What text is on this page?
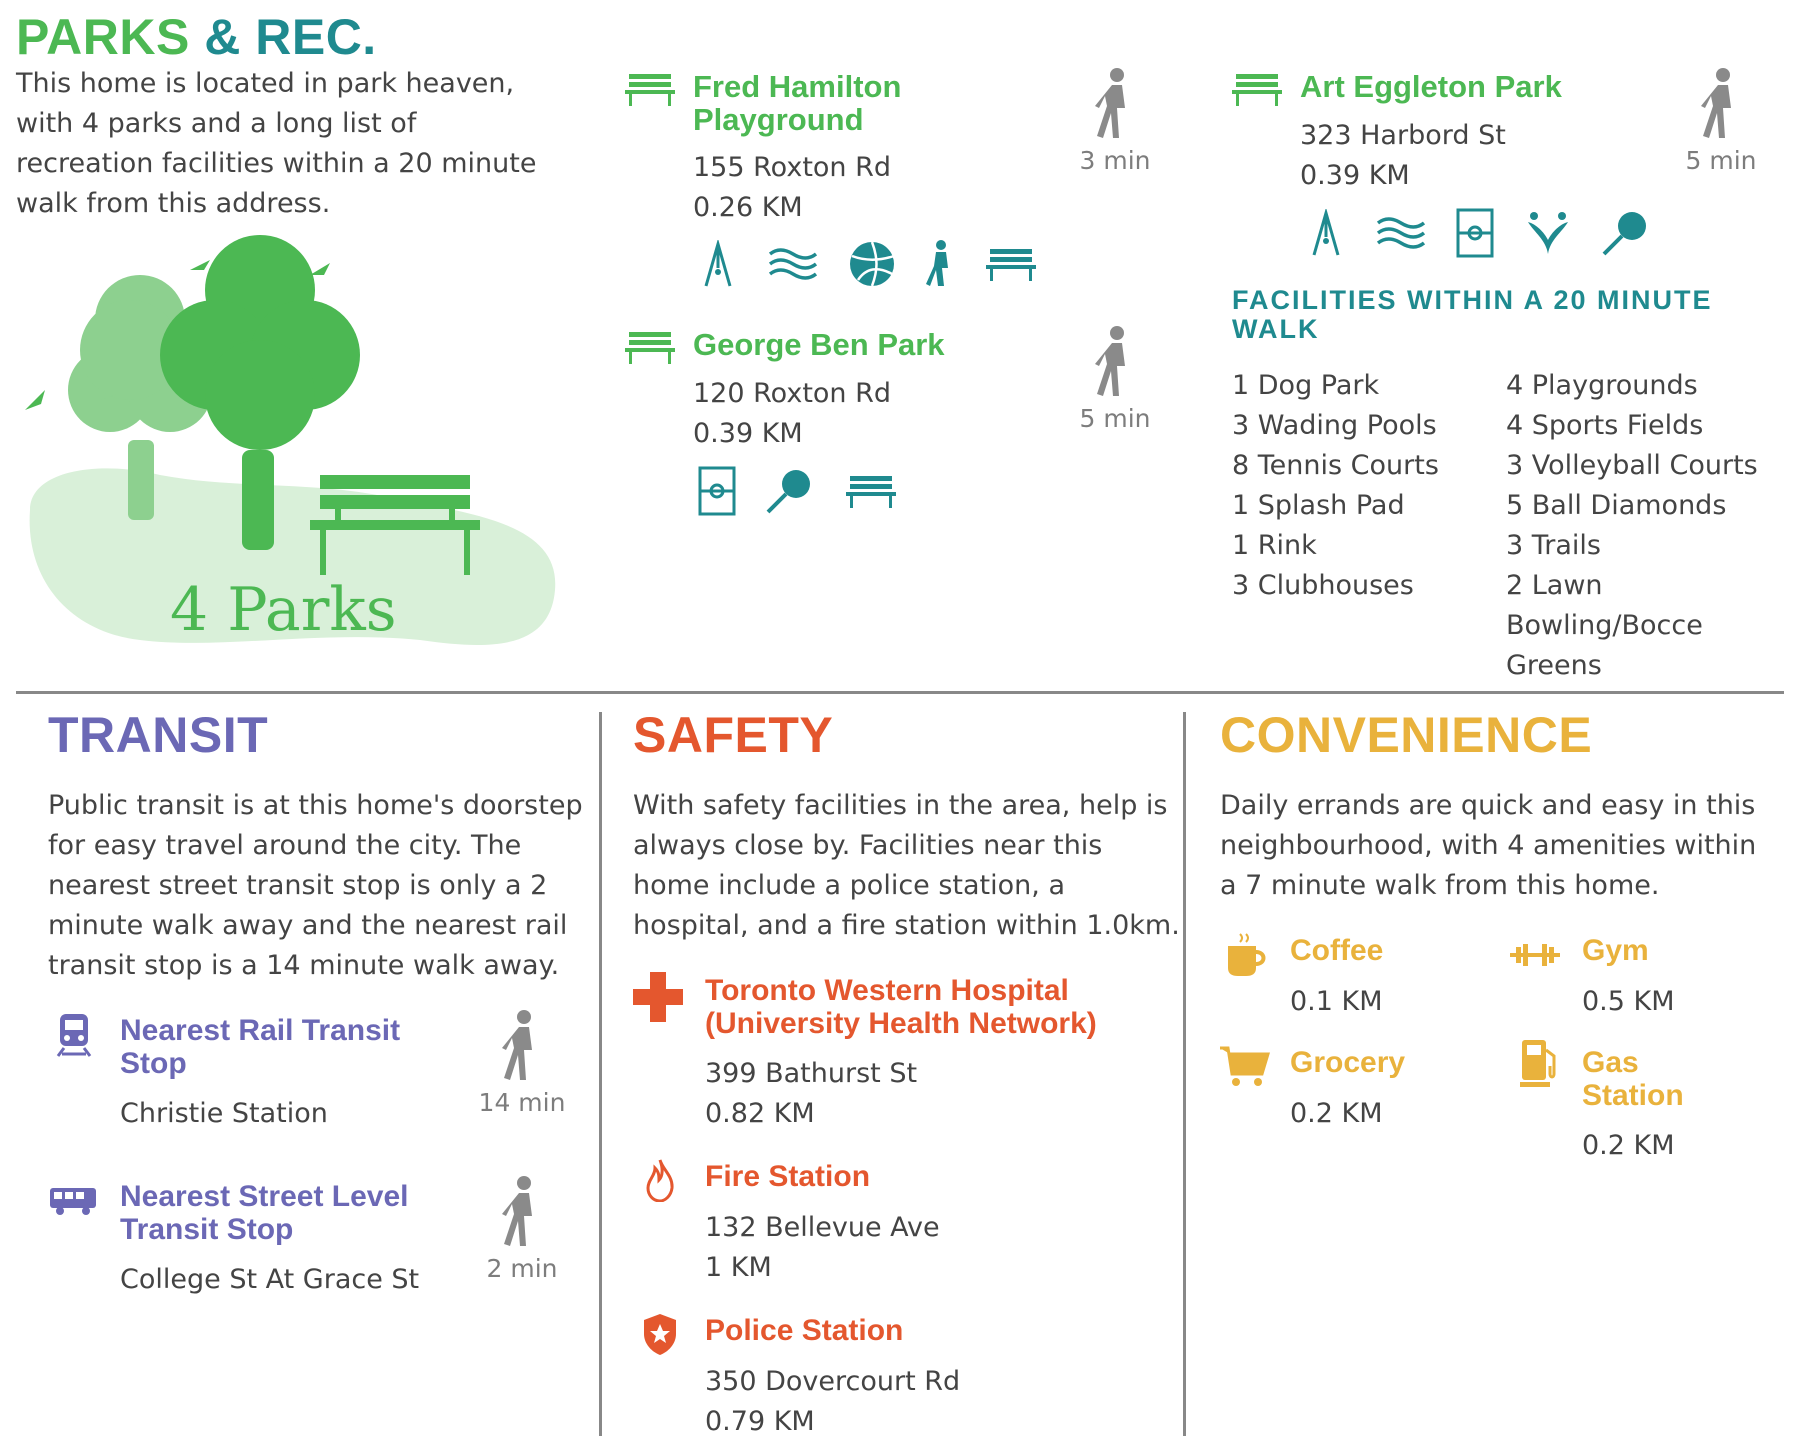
PARKS & REC.
This home is located in park heaven, with 4 parks and a long list of recreation facilities within a 20 minute walk from this address.
4 Parks
Fred Hamilton Playground
155 Roxton Rd
0.26 KM
3 min
George Ben Park
120 Roxton Rd
0.39 KM	5 min
Art Eggleton Park
323 Harbord St
0.39 KM	5 min
FACILITIES WITHIN A 20 MINUTE WALK
1 Dog Park
3 Wading Pools
8 Tennis Courts
1 Splash Pad
1 Rink
3 Clubhouses
4 Playgrounds
4 Sports Fields
3 Volleyball Courts
5 Ball Diamonds
3 Trails
2 Lawn
Bowling/Bocce
Greens
TRANSIT
Public transit is at this home's doorstep
for easy travel around the city. The
nearest street transit stop is only a 2
minute walk away and the nearest rail
transit stop is a 14 minute walk away.
Nearest Rail Transit
Stop
Christie Station	14 min
Nearest Street Level
Transit Stop
College St At Grace St	2 min
SAFETY
With safety facilities in the area, help is
always close by. Facilities near this
home include a police station, a
hospital, and a fire station within 1.0km.
Toronto Western Hospital
(University Health Network)
399 Bathurst St
0.82 KM
Fire Station
132 Bellevue Ave
1 KM
Police Station
350 Dovercourt Rd
0.79 KM
CONVENIENCE
Daily errands are quick and easy in this
neighbourhood, with 4 amenities within
a 7 minute walk from this home.
Coffee
0.1 KM
Gym
0.5 KM
Grocery
0.2 KM
Gas
Station
0.2 KM
